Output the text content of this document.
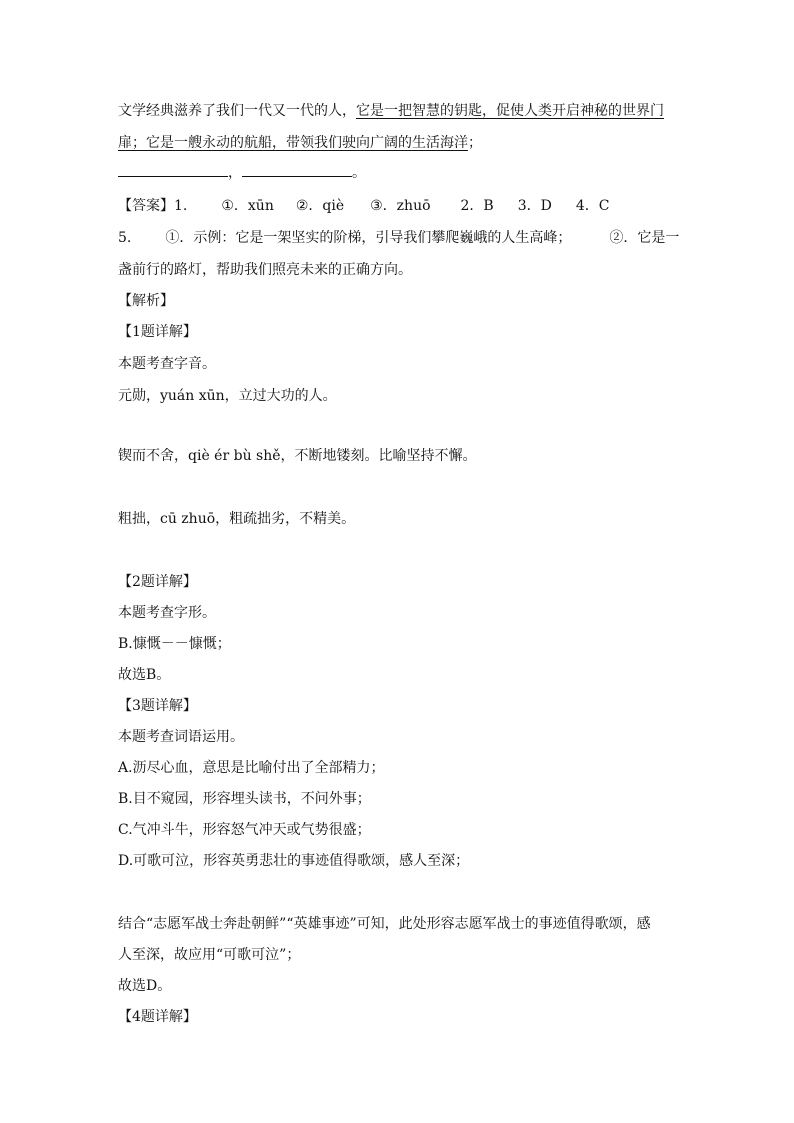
文学经典滋养了我们一代又一代的人，它是一把智慧的钥匙，促使人类开启神秘的世界门
扉；它是一艘永动的航船，带领我们驶向广阔的生活海洋；
，	。
【答案】1. ①．xūn ②．qiè ③．zhuō 2．B 3．D 4．C
5. ①．示例：它是一架坚实的阶梯，引导我们攀爬巍峨的人生高峰；	②．它是一
盏前行的路灯，帮助我们照亮未来的正确方向。
【解析】
【1题详解】
本题考查字音。
元勋，yuán xūn，立过大功的人。
锲而不舍，qiè ér bù shě，不断地镂刻。比喻坚持不懈。
粗拙，cū zhuō，粗疏拙劣，不精美。
【2题详解】
本题考查字形。
B.慷慨－－慷慨；
故选B。
【3题详解】
本题考查词语运用。
A.沥尽心血，意思是比喻付出了全部精力；
B.目不窥园，形容埋头读书，不问外事；
C.气冲斗牛，形容怒气冲天或气势很盛；
D.可歌可泣，形容英勇悲壮的事迹值得歌颂，感人至深；
结合“志愿军战士奔赴朝鲜”“英雄事迹”可知，此处形容志愿军战士的事迹值得歌颂，感
人至深，故应用“可歌可泣”；
故选D。
【4题详解】
